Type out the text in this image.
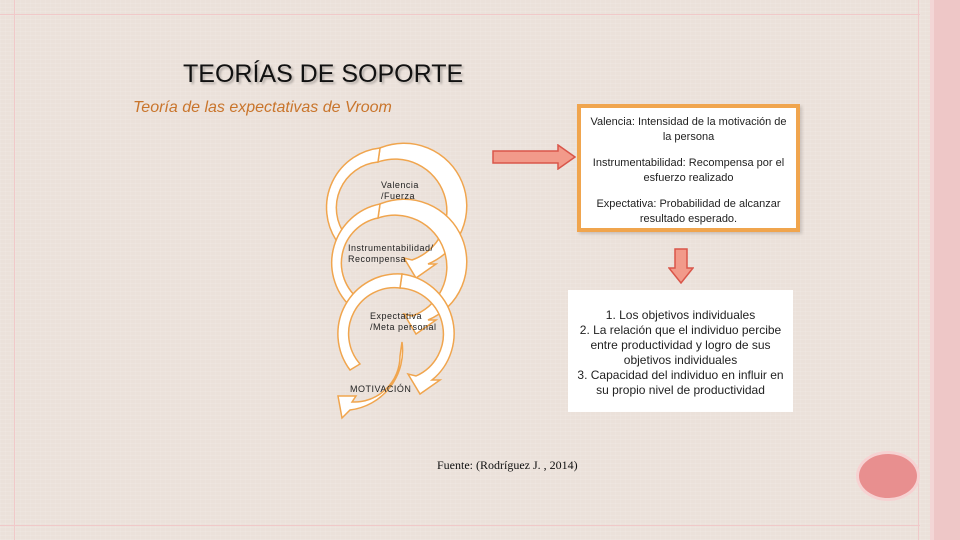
TEORÍAS DE SOPORTE
Teoría de las expectativas de Vroom
Valencia
/Fuerza
Instrumentabilidad/
Recompensa
Expectativa
/Meta personal
MOTIVACIÓN
Valencia: Intensidad de la motivación de la persona
Instrumentabilidad: Recompensa por el esfuerzo realizado
Expectativa: Probabilidad de alcanzar resultado esperado.
1. Los objetivos individuales
2. La relación que el individuo percibe entre productividad y logro de sus objetivos individuales
3. Capacidad del individuo en influir en su propio nivel de productividad
Fuente: (Rodríguez J. , 2014)
